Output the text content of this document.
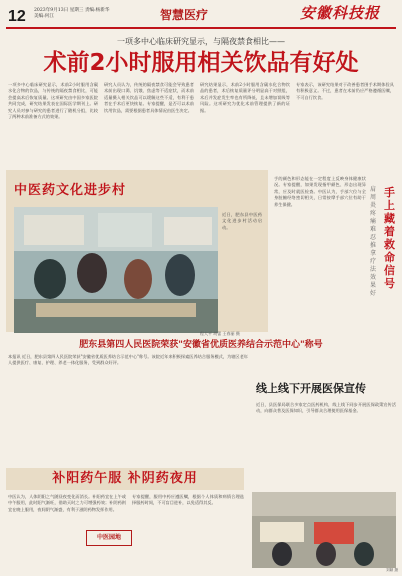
12 2023年9月13日 星期三 责编:杨新华 美编:何江	智慧医疗	安徽科技报
一项多中心临床研究显示，与隔夜禁食相比——
术前2小时服用相关饮品有好处
一项多中心临床研究显示，术前2小时服用含碳水化合物的饮品，与传统的隔夜禁食相比，可能会提高术后恢复质量。这项研究由中国多家医院共同完成，研究结果发表在国际医学期刊上。研究人员对参与研究的患者进行了随机分组，比较了两种术前准备方式的效果。
研究人员认为，传统的隔夜禁食可能会导致患者术前出现口渴、饥饿、焦虑等不适症状，而术前适量摄入相关饮品可以缓解这些不适，有利于患者在手术后更快恢复。专家提醒，是否可以术前饮用饮品，需要根据患者具体情况由医生决定。
研究结果显示，术前2小时服用含碳水化合物饮品的患者，术后恢复质量评分明显高于对照组，术后并发症发生率也有所降低，且未增加误吸等风险。这项研究为优化术前管理提供了新的证据。
专家表示，该研究结果对于改善患者围手术期体验具有积极意义。不过，患者在术前仍应严格遵循医嘱，不可自行饮食。
中医药文化进步村
近日，肥东县中医药文化进步村活动启动。
程大平 胡蕾 王春丽 摄
手上藏着救命信号
肩周炎疼痛难忍 推拿疗法效果好
手的颜色和形态能在一定程度上反映身体健康状况。专家提醒，如果发现指甲颜色、形态出现异常，应及时就医检查。中医认为，手部穴位与全身脏腑经络密切相关，日常按摩手部穴位有助于养生保健。
肥东县第四人民医院荣获"安徽省优质医养结合示范中心"称号
本报讯 近日，肥东县第四人民医院荣获"安徽省优质医养结合示范中心"称号。该院近年来积极探索医养结合服务模式，为辖区老年人提供医疗、康复、护理、养老一体化服务，受到群众好评。
补阳药午服 补阴药夜用
中医认为，人体阴阳之气随昼夜变化而消长。补阳药宜在上午或中午服用，此时阳气渐旺，借助天时之力可增强药效；补阴药则宜在晚上服用，夜间阴气渐盛，有利于滋阴药物发挥作用。
中医园地
专家提醒，服用中药应遵医嘱，根据个人体质和病情合理选择服药时间，不可盲目进补，以免适得其反。
线上线下开展医保宣传
近日，县医保局联合多家定点医药机构，线上线下同步开展医保政策宣传活动，向群众普及医保知识，引导群众合理使用医保基金。
刘颖 摄
